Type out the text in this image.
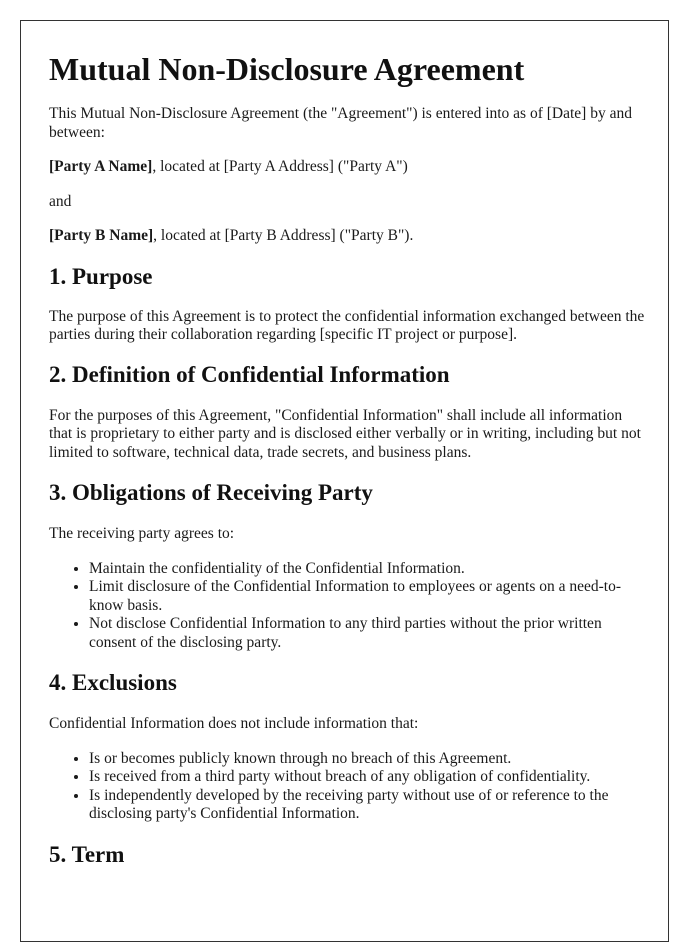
Mutual Non-Disclosure Agreement

This Mutual Non-Disclosure Agreement (the "Agreement") is entered into as of [Date] by and between:

[Party A Name], located at [Party A Address] ("Party A")

and

[Party B Name], located at [Party B Address] ("Party B").

1. Purpose

The purpose of this Agreement is to protect the confidential information exchanged between the parties during their collaboration regarding [specific IT project or purpose].

2. Definition of Confidential Information

For the purposes of this Agreement, "Confidential Information" shall include all information that is proprietary to either party and is disclosed either verbally or in writing, including but not limited to software, technical data, trade secrets, and business plans.

3. Obligations of Receiving Party

The receiving party agrees to:

• Maintain the confidentiality of the Confidential Information.
• Limit disclosure of the Confidential Information to employees or agents on a need-to-know basis.
• Not disclose Confidential Information to any third parties without the prior written consent of the disclosing party.
4. Exclusions

Confidential Information does not include information that:

• Is or becomes publicly known through no breach of this Agreement.
• Is received from a third party without breach of any obligation of confidentiality.
• Is independently developed by the receiving party without use of or reference to the disclosing party's Confidential Information.
5. Term
